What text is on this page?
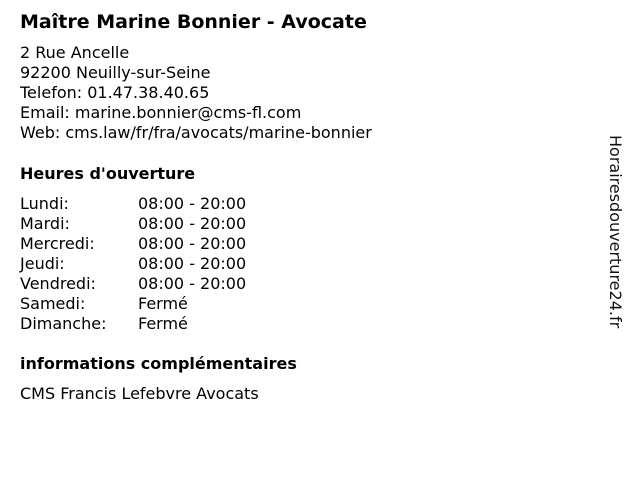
Maître Marine Bonnier - Avocate
2 Rue Ancelle
92200 Neuilly-sur-Seine
Telefon: 01.47.38.40.65
Email: marine.bonnier@cms-fl.com
Web: cms.law/fr/fra/avocats/marine-bonnier
Heures d'ouverture
Lundi:	08:00 - 20:00
Mardi:	08:00 - 20:00
Mercredi:	08:00 - 20:00
Jeudi:	08:00 - 20:00
Vendredi:	08:00 - 20:00
Samedi:	Fermé
Dimanche:	Fermé
informations complémentaires
CMS Francis Lefebvre Avocats
Horairesdouverture24.fr
